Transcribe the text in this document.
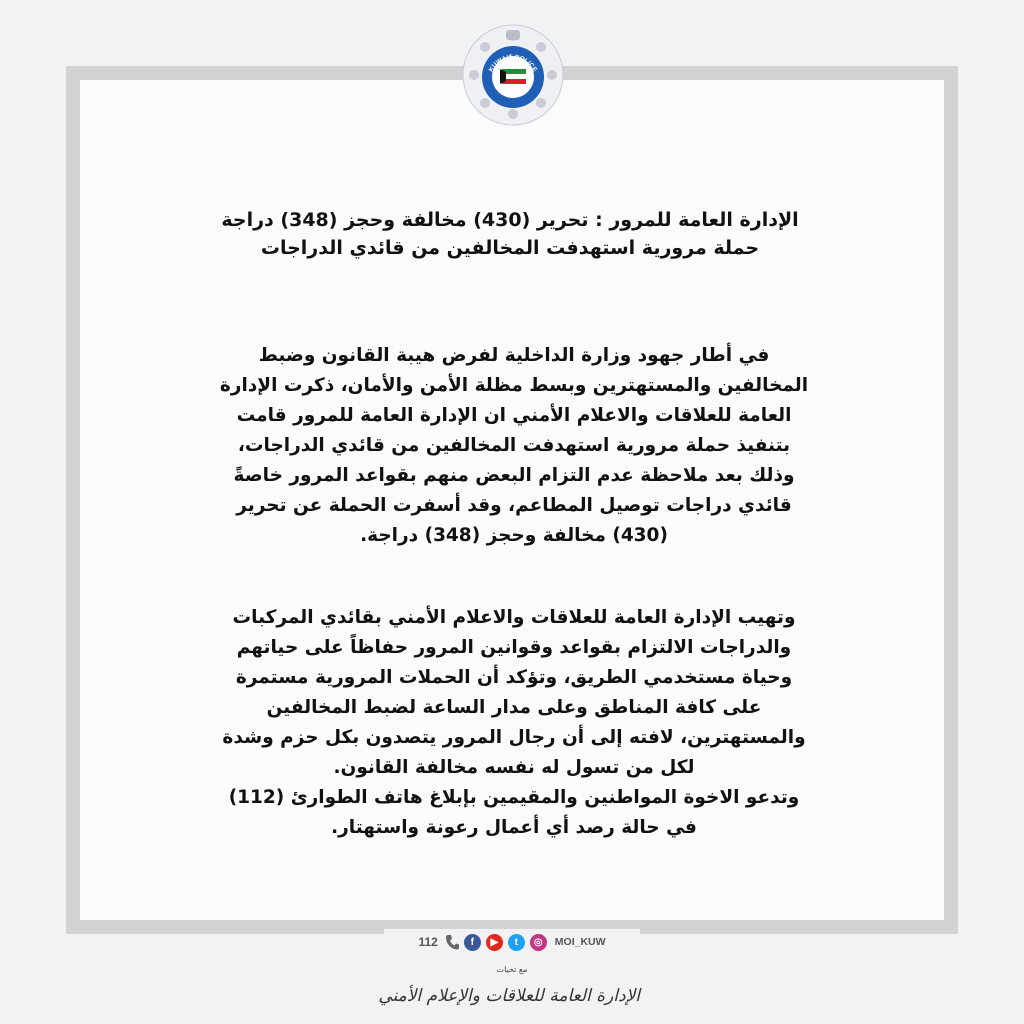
KUWAIT POLICE
الإدارة العامة للمرور : تحرير (430) مخالفة وحجز (348) دراجة
حملة مرورية استهدفت المخالفين من قائدي الدراجات
في أطار جهود وزارة الداخلية لفرض هيبة القانون وضبط
المخالفين والمستهترين وبسط مظلة الأمن والأمان، ذكرت الإدارة
العامة للعلاقات والاعلام الأمني ان الإدارة العامة للمرور قامت
بتنفيذ حملة مرورية استهدفت المخالفين من قائدي الدراجات،
وذلك بعد ملاحظة عدم التزام البعض منهم بقواعد المرور خاصةً
قائدي دراجات توصيل المطاعم، وقد أسفرت الحملة عن تحرير
(430) مخالفة وحجز (348) دراجة.
وتهيب الإدارة العامة للعلاقات والاعلام الأمني بقائدي المركبات
والدراجات الالتزام بقواعد وقوانين المرور حفاظاً على حياتهم
وحياة مستخدمي الطريق، وتؤكد أن الحملات المرورية مستمرة
على كافة المناطق وعلى مدار الساعة لضبط المخالفين
والمستهترين، لافته إلى أن رجال المرور يتصدون بكل حزم وشدة
لكل من تسول له نفسه مخالفة القانون.
وتدعو الاخوة المواطنين والمقيمين بإبلاغ هاتف الطوارئ (112)
في حالة رصد أي أعمال رعونة واستهتار.
112	f	▶	t	◎	MOI_KUW
مع تحيات
الإدارة العامة للعلاقات والإعلام الأمني
